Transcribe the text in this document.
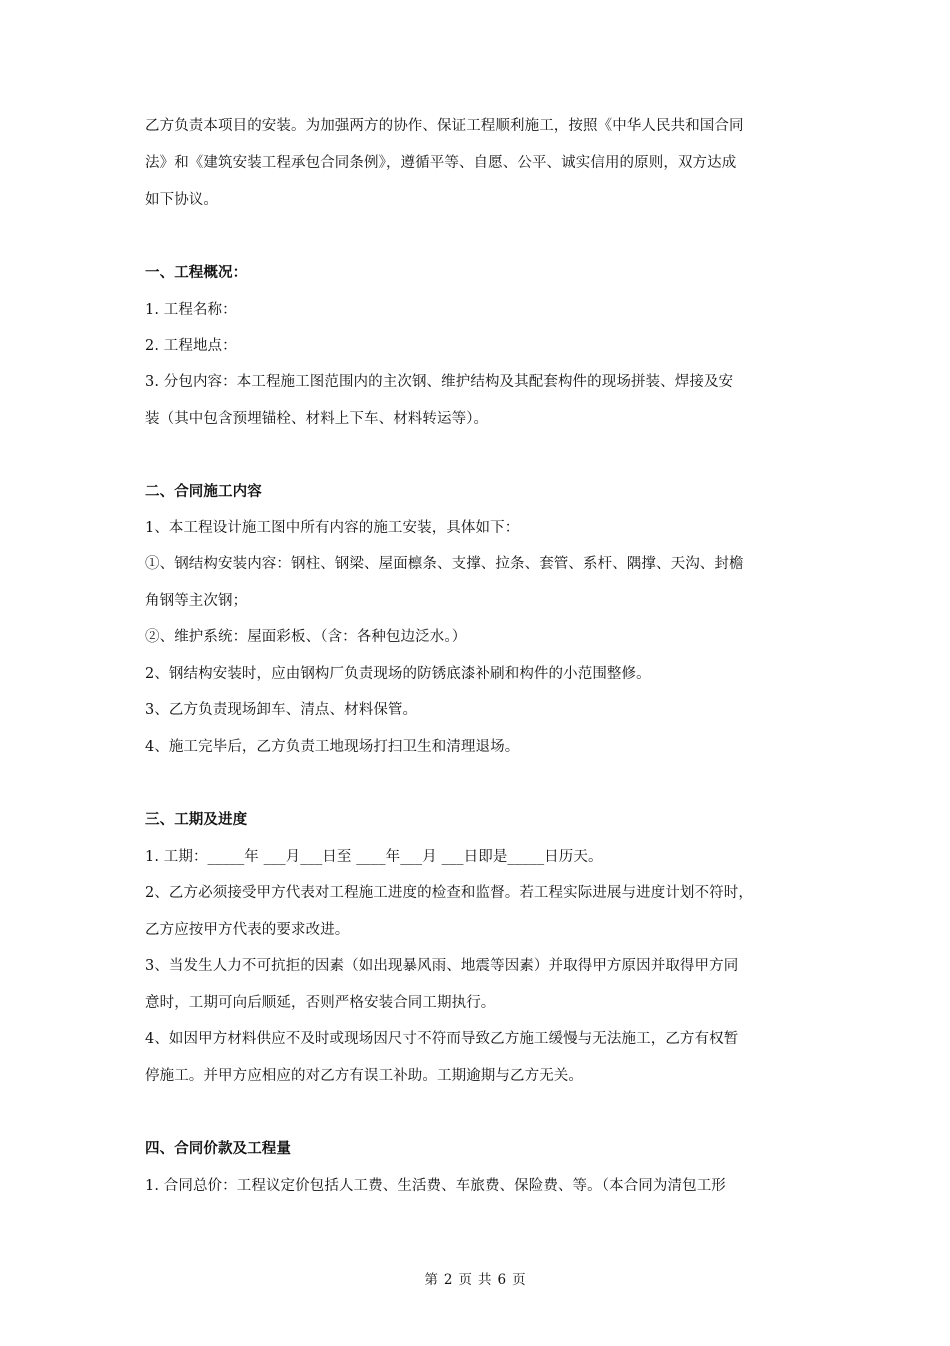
乙方负责本项目的安装。为加强两方的协作、保证工程顺利施工，按照《中华人民共和国合同
法》和《建筑安装工程承包合同条例》，遵循平等、自愿、公平、诚实信用的原则，双方达成
如下协议。
一、工程概况：
1. 工程名称：
2. 工程地点：
3. 分包内容：本工程施工图范围内的主次钢、维护结构及其配套构件的现场拼装、焊接及安
装（其中包含预埋锚栓、材料上下车、材料转运等）。
二、合同施工内容
1、本工程设计施工图中所有内容的施工安装，具体如下：
①、钢结构安装内容：钢柱、钢梁、屋面檩条、支撑、拉条、套管、系杆、隅撑、天沟、封檐
角钢等主次钢；
②、维护系统：屋面彩板、（含：各种包边泛水。）
2、钢结构安装时，应由钢构厂负责现场的防锈底漆补刷和构件的小范围整修。
3、乙方负责现场卸车、清点、材料保管。
4、施工完毕后，乙方负责工地现场打扫卫生和清理退场。
三、工期及进度
1. 工期：_____年 ___月___日至 ____年___月 ___日即是_____日历天。
2、乙方必须接受甲方代表对工程施工进度的检查和监督。若工程实际进展与进度计划不符时，
乙方应按甲方代表的要求改进。
3、当发生人力不可抗拒的因素（如出现暴风雨、地震等因素）并取得甲方原因并取得甲方同
意时，工期可向后顺延，否则严格安装合同工期执行。
4、如因甲方材料供应不及时或现场因尺寸不符而导致乙方施工缓慢与无法施工，乙方有权暂
停施工。并甲方应相应的对乙方有误工补助。工期逾期与乙方无关。
四、合同价款及工程量
1. 合同总价：工程议定价包括人工费、生活费、车旅费、保险费、等。（本合同为清包工形
第 2 页 共 6 页
